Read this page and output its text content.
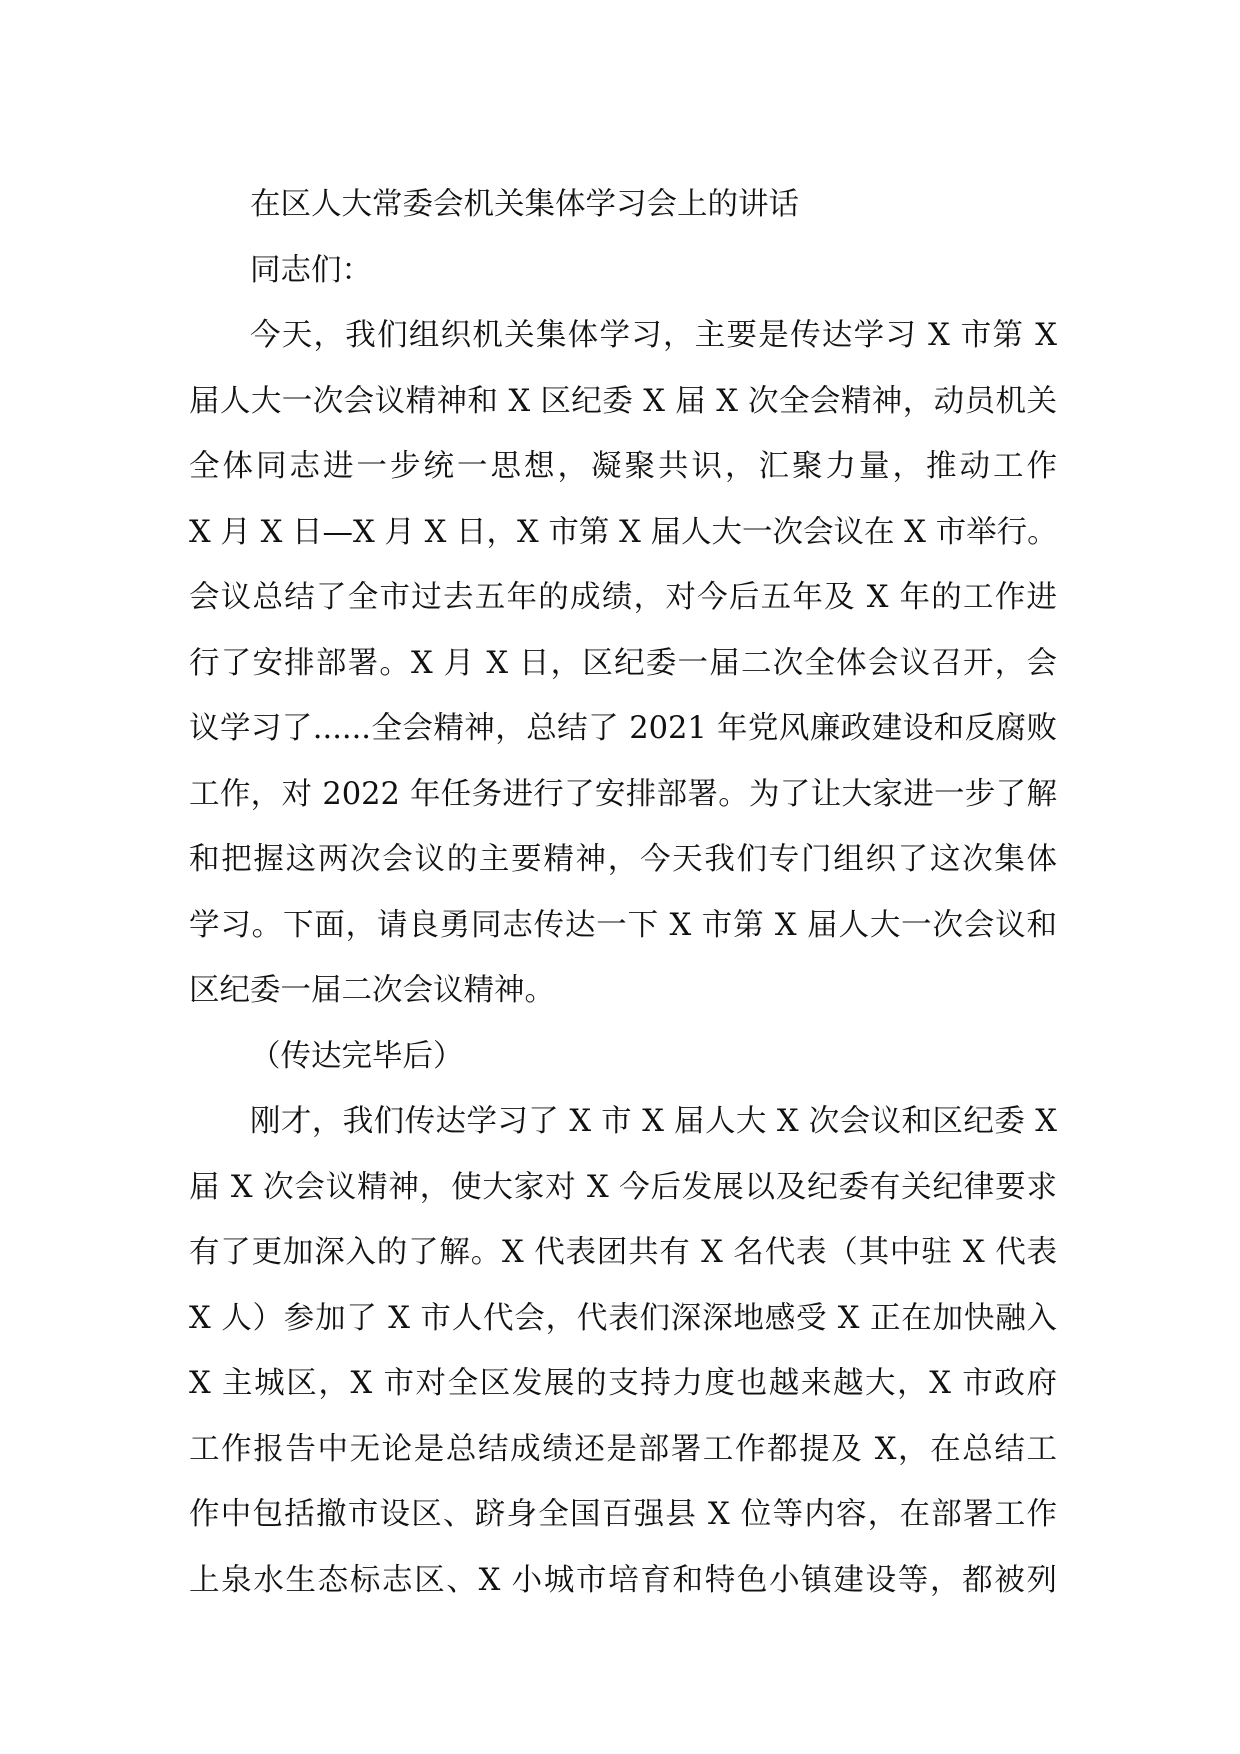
在区人大常委会机关集体学习会上的讲话
同志们：
今天，我们组织机关集体学习，主要是传达学习 X 市第 X
届人大一次会议精神和 X 区纪委 X 届 X 次全会精神，动员机关
全体同志进一步统一思想，凝聚共识，汇聚力量，推动工作
X 月 X 日—X 月 X 日，X 市第 X 届人大一次会议在 X 市举行。
会议总结了全市过去五年的成绩，对今后五年及 X 年的工作进
行了安排部署。X 月 X 日，区纪委一届二次全体会议召开，会
议学习了......全会精神，总结了 2021 年党风廉政建设和反腐败
工作，对 2022 年任务进行了安排部署。为了让大家进一步了解
和把握这两次会议的主要精神，今天我们专门组织了这次集体
学习。下面，请良勇同志传达一下 X 市第 X 届人大一次会议和
区纪委一届二次会议精神。
（传达完毕后）
刚才，我们传达学习了 X 市 X 届人大 X 次会议和区纪委 X
届 X 次会议精神，使大家对 X 今后发展以及纪委有关纪律要求
有了更加深入的了解。X 代表团共有 X 名代表（其中驻 X 代表
X 人）参加了 X 市人代会，代表们深深地感受 X 正在加快融入
X 主城区，X 市对全区发展的支持力度也越来越大，X 市政府
工作报告中无论是总结成绩还是部署工作都提及 X，在总结工
作中包括撤市设区、跻身全国百强县 X 位等内容，在部署工作
上泉水生态标志区、X 小城市培育和特色小镇建设等，都被列
